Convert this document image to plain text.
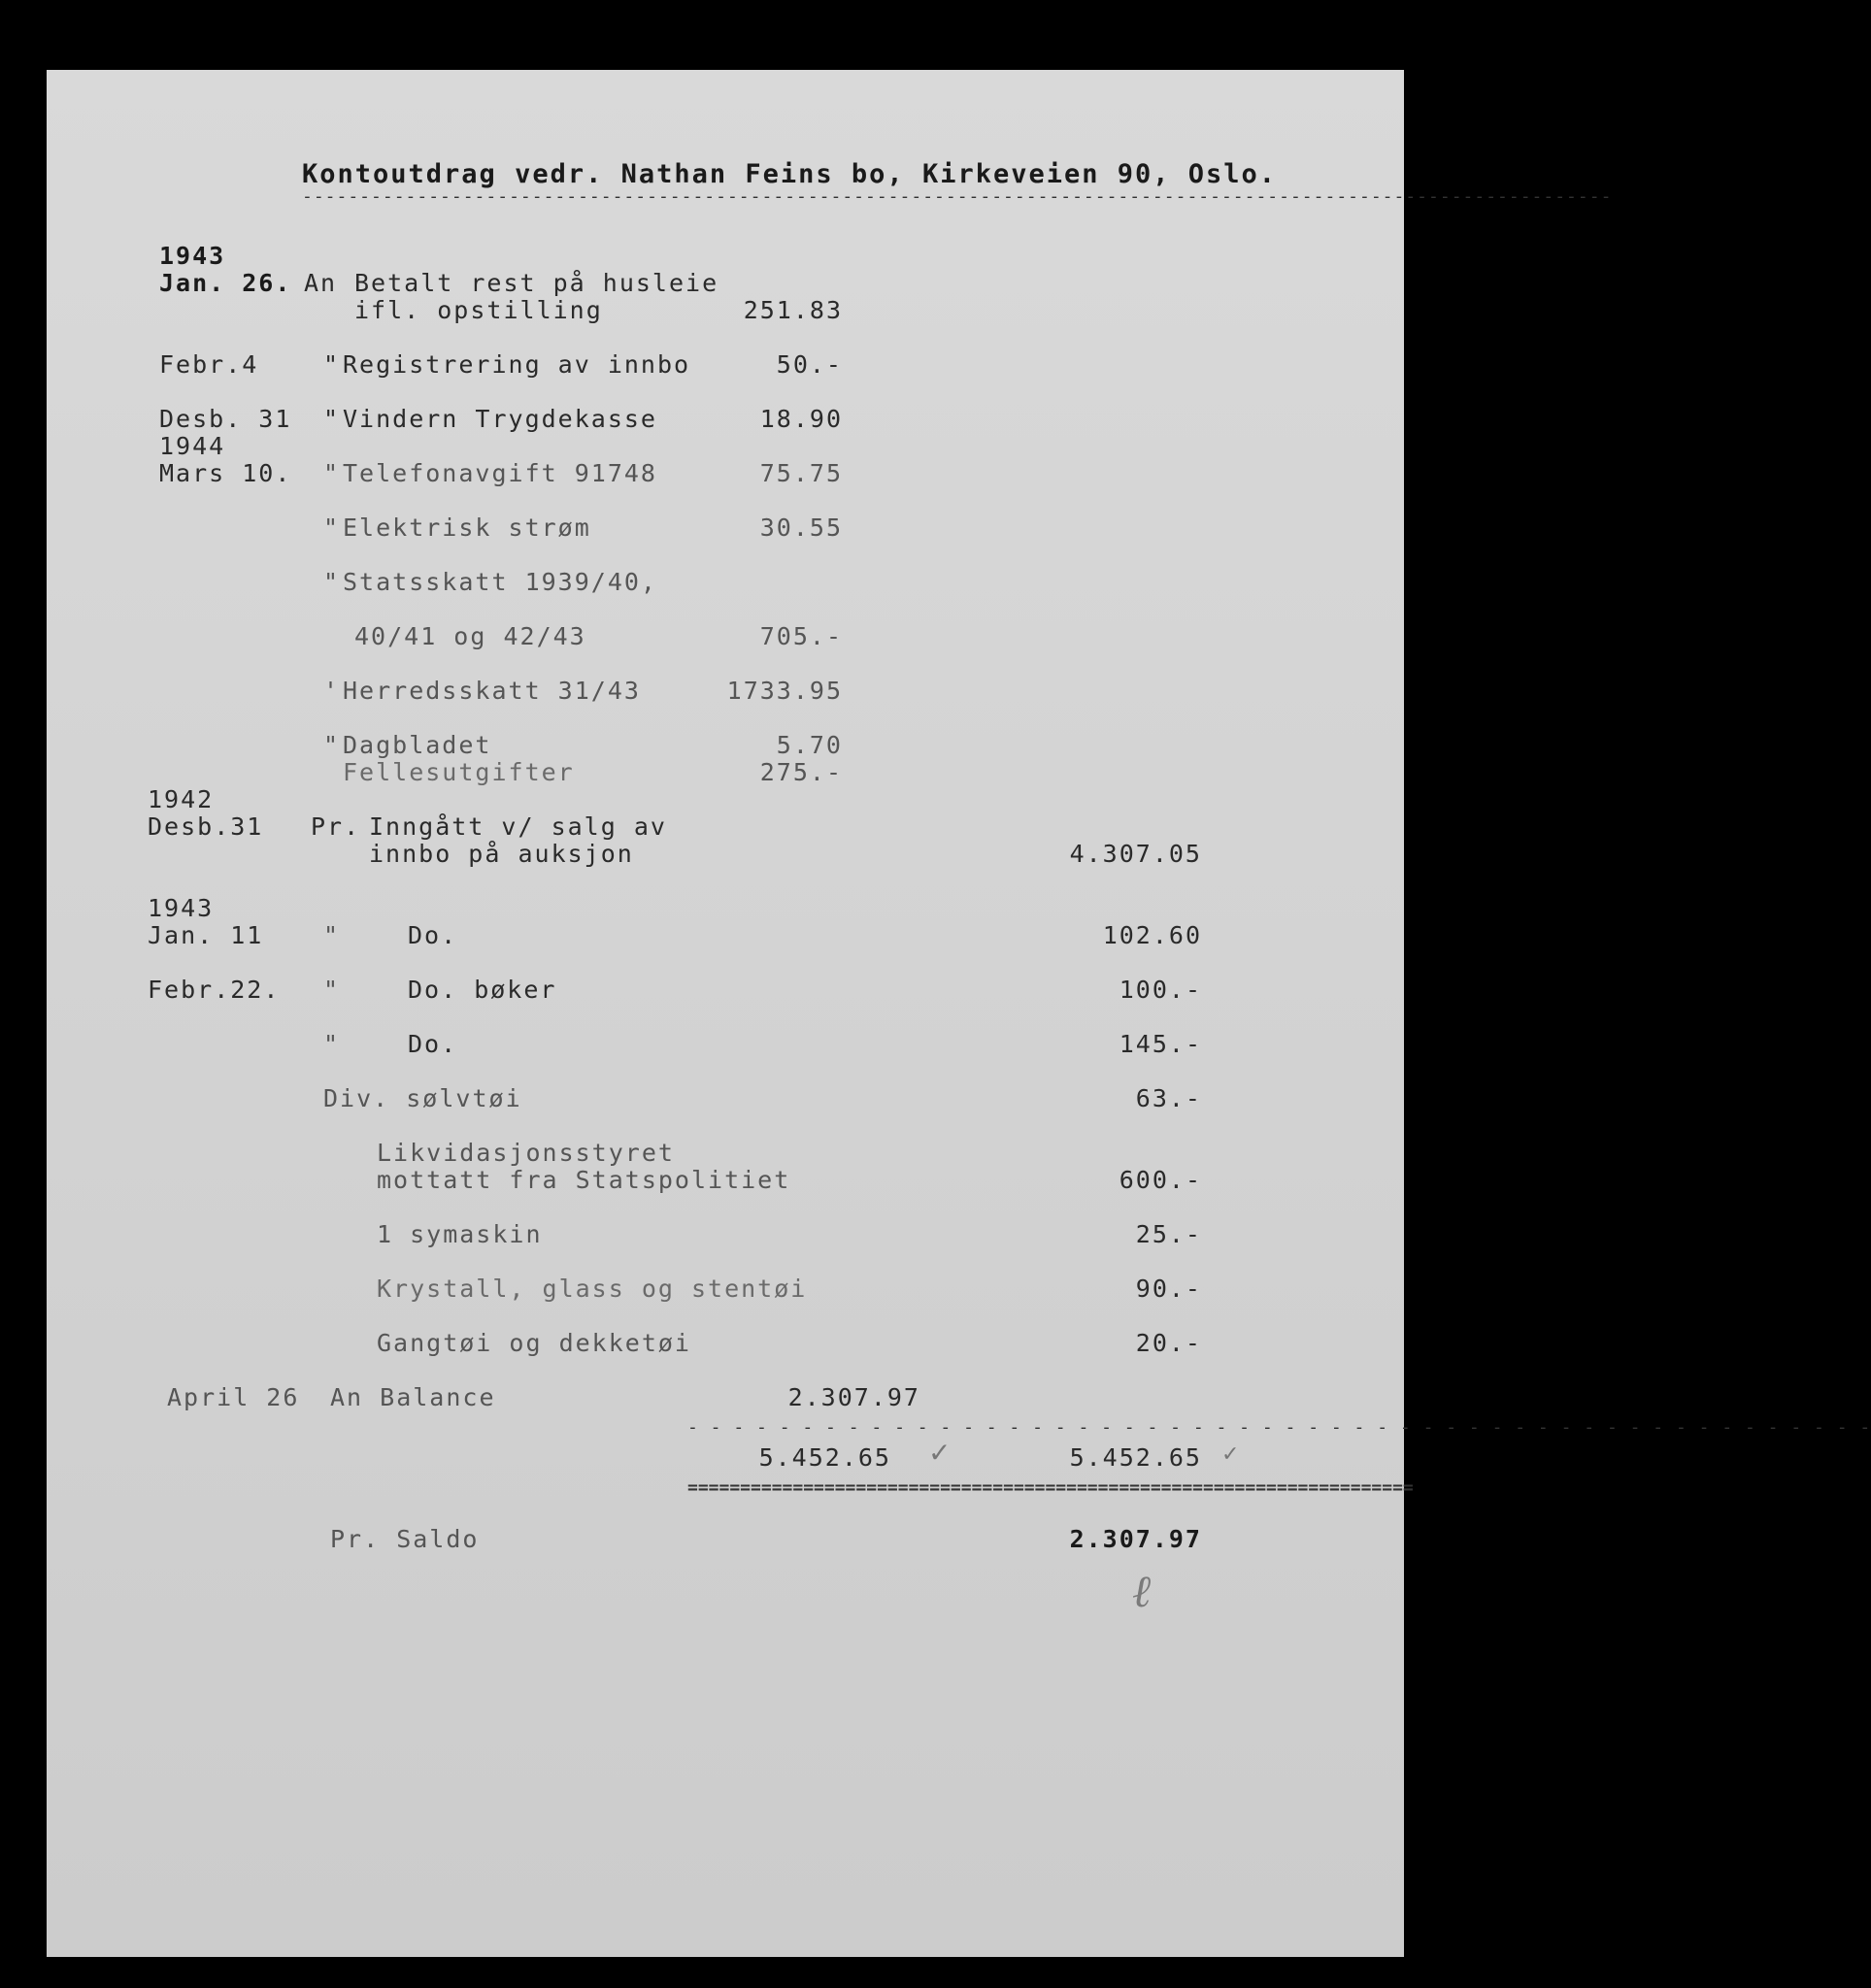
Kontoutdrag vedr. Nathan Feins bo, Kirkeveien 90, Oslo.
------------------------------------------------------------------------------------------------------------------
1943
Jan. 26. An Betalt rest på husleie
ifl. opstilling	251.83
Febr.4	" Registrering av innbo	50.-
Desb. 31 " Vindern Trygdekasse	18.90
1944
Mars 10. " Telefonavgift 91748	75.75
" Elektrisk strøm	30.55
" Statsskatt 1939/40,
40/41 og 42/43	705.-
' Herredsskatt 31/43	1733.95
" Dagbladet	5.70
Fellesutgifter	275.-
1942
Desb.31 Pr. Inngått v/ salg av
innbo på auksjon	4.307.05
1943
Jan. 11 "	Do.	102.60
Febr.22. "	Do. bøker	100.-
"	Do.	145.-
Div. sølvtøi	63.-
Likvidasjonsstyret
mottatt fra Statspolitiet	600.-
1 symaskin	25.-
Krystall, glass og stentøi	90.-
Gangtøi og dekketøi	20.-
April 26 An Balance	2.307.97
- - - - - - - - - - - - - - - - - - - - - - - - - - - - - - - - - - - - - - - - - - - - - - - - - - - -
5.452.65 ✓	5.452.65 ✓
=====================================================================
Pr. Saldo	2.307.97
ℓ
